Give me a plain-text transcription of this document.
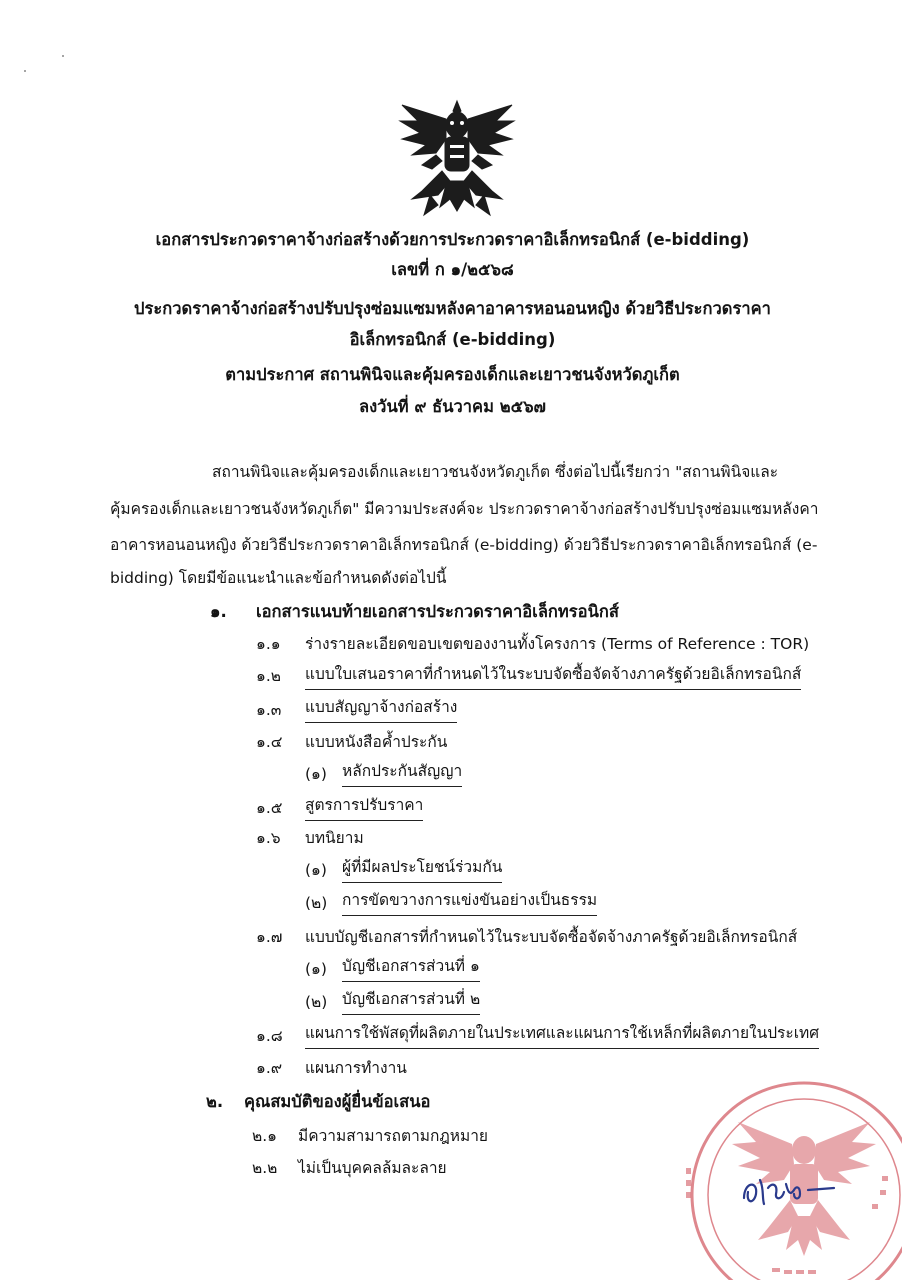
เอกสารประกวดราคาจ้างก่อสร้างด้วยการประกวดราคาอิเล็กทรอนิกส์ (e-bidding)
เลขที่ ก ๑/๒๕๖๘
ประกวดราคาจ้างก่อสร้างปรับปรุงซ่อมแซมหลังคาอาคารหอนอนหญิง ด้วยวิธีประกวดราคา
อิเล็กทรอนิกส์ (e-bidding)
ตามประกาศ สถานพินิจและคุ้มครองเด็กและเยาวชนจังหวัดภูเก็ต
ลงวันที่ ๙ ธันวาคม ๒๕๖๗
สถานพินิจและคุ้มครองเด็กและเยาวชนจังหวัดภูเก็ต ซึ่งต่อไปนี้เรียกว่า "สถานพินิจและ
คุ้มครองเด็กและเยาวชนจังหวัดภูเก็ต" มีความประสงค์จะ ประกวดราคาจ้างก่อสร้างปรับปรุงซ่อมแซมหลังคา
อาคารหอนอนหญิง ด้วยวิธีประกวดราคาอิเล็กทรอนิกส์ (e-bidding) ด้วยวิธีประกวดราคาอิเล็กทรอนิกส์ (e-
bidding) โดยมีข้อแนะนำและข้อกำหนดดังต่อไปนี้
๑. เอกสารแนบท้ายเอกสารประกวดราคาอิเล็กทรอนิกส์
๑.๑ ร่างรายละเอียดขอบเขตของงานทั้งโครงการ (Terms of Reference : TOR)
๑.๒ แบบใบเสนอราคาที่กำหนดไว้ในระบบจัดซื้อจัดจ้างภาครัฐด้วยอิเล็กทรอนิกส์
๑.๓ แบบสัญญาจ้างก่อสร้าง
๑.๔ แบบหนังสือค้ำประกัน
(๑) หลักประกันสัญญา
๑.๕ สูตรการปรับราคา
๑.๖ บทนิยาม
(๑) ผู้ที่มีผลประโยชน์ร่วมกัน
(๒) การขัดขวางการแข่งขันอย่างเป็นธรรม
๑.๗ แบบบัญชีเอกสารที่กำหนดไว้ในระบบจัดซื้อจัดจ้างภาครัฐด้วยอิเล็กทรอนิกส์
(๑) บัญชีเอกสารส่วนที่ ๑
(๒) บัญชีเอกสารส่วนที่ ๒
๑.๘ แผนการใช้พัสดุที่ผลิตภายในประเทศและแผนการใช้เหล็กที่ผลิตภายในประเทศ
๑.๙ แผนการทำงาน
๒. คุณสมบัติของผู้ยื่นข้อเสนอ
๒.๑ มีความสามารถตามกฎหมาย
๒.๒ ไม่เป็นบุคคลล้มละลาย
